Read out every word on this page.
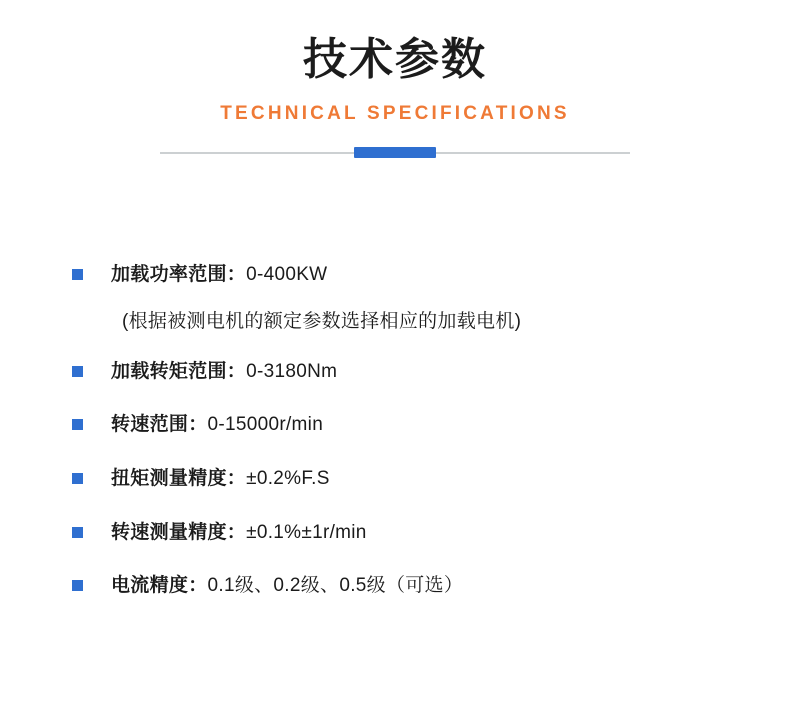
技术参数
TECHNICAL SPECIFICATIONS
加载功率范围：0-400KW
(根据被测电机的额定参数选择相应的加载电机)
加载转矩范围：0-3180Nm
转速范围：0-15000r/min
扭矩测量精度：±0.2%F.S
转速测量精度：±0.1%±1r/min
电流精度：0.1级、0.2级、0.5级（可选）
